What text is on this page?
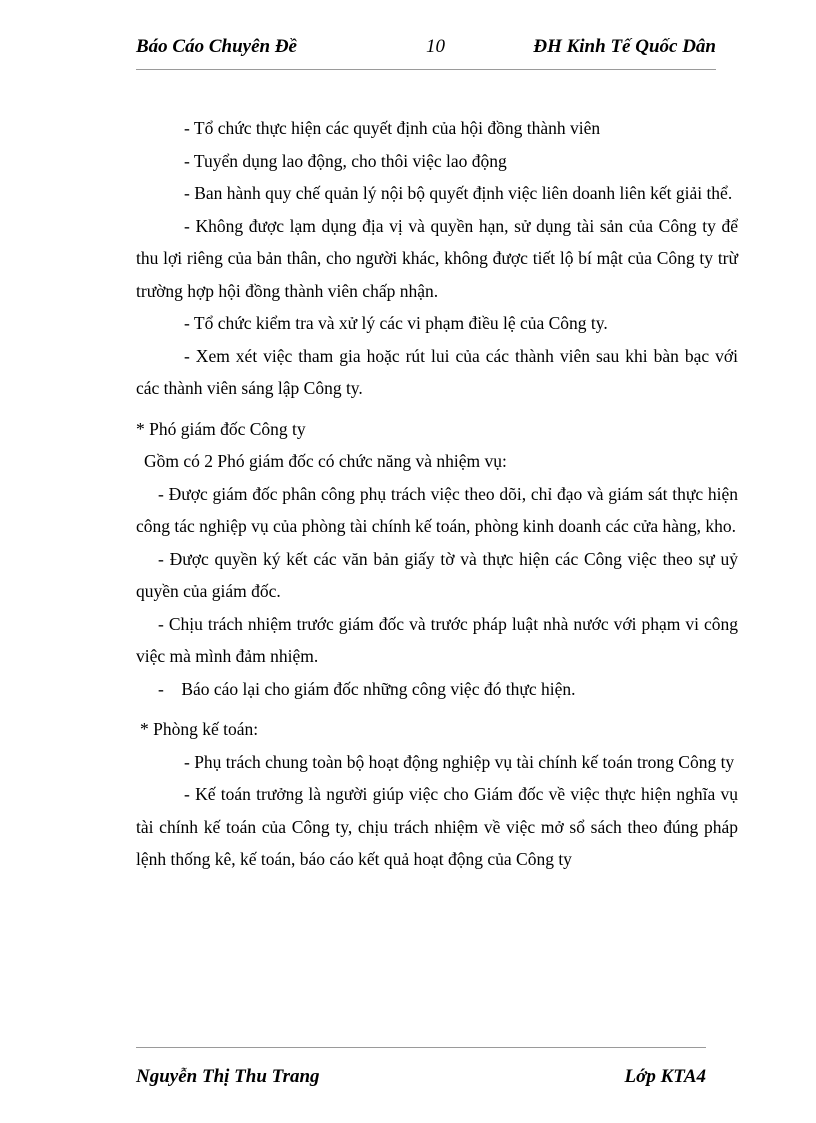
Báo Cáo Chuyên Đề	10	ĐH Kinh Tế Quốc Dân

- Tổ chức thực hiện các quyết định của hội đồng thành viên

- Tuyển dụng lao động, cho thôi việc lao động

- Ban hành quy chế quản lý nội bộ quyết định việc liên doanh liên kết giải thể.

- Không được lạm dụng địa vị và quyền hạn, sử dụng tài sản của Công ty để thu lợi riêng của bản thân, cho người khác, không được tiết lộ bí mật của Công ty trừ trường hợp hội đồng thành viên chấp nhận.

- Tổ chức kiểm tra và xử lý các vi phạm điều lệ của Công ty.

- Xem xét việc tham gia hoặc rút lui của các thành viên sau khi bàn bạc với các thành viên sáng lập Công ty.

* Phó giám đốc Công ty

Gồm có 2 Phó giám đốc có chức năng và nhiệm vụ:

- Được giám đốc phân công phụ trách việc theo dõi, chỉ đạo và giám sát thực hiện công tác nghiệp vụ của phòng tài chính kế toán, phòng kinh doanh các cửa hàng, kho.

- Được quyền ký kết các văn bản giấy tờ và thực hiện các Công việc theo sự uỷ quyền của giám đốc.

- Chịu trách nhiệm trước giám đốc và trước pháp luật nhà nước với phạm vi công việc mà mình đảm nhiệm.

-    Báo cáo lại cho giám đốc những công việc đó thực hiện.

* Phòng kế toán:

- Phụ trách chung toàn bộ hoạt động nghiệp vụ tài chính kế toán trong Công ty

- Kế toán trưởng là người giúp việc cho Giám đốc về việc thực hiện nghĩa vụ tài chính kế toán của Công ty, chịu trách nhiệm về việc mở sổ sách theo đúng pháp lệnh thống kê, kế toán, báo cáo kết quả hoạt động của Công ty

Nguyễn Thị Thu Trang	Lớp KTA4
